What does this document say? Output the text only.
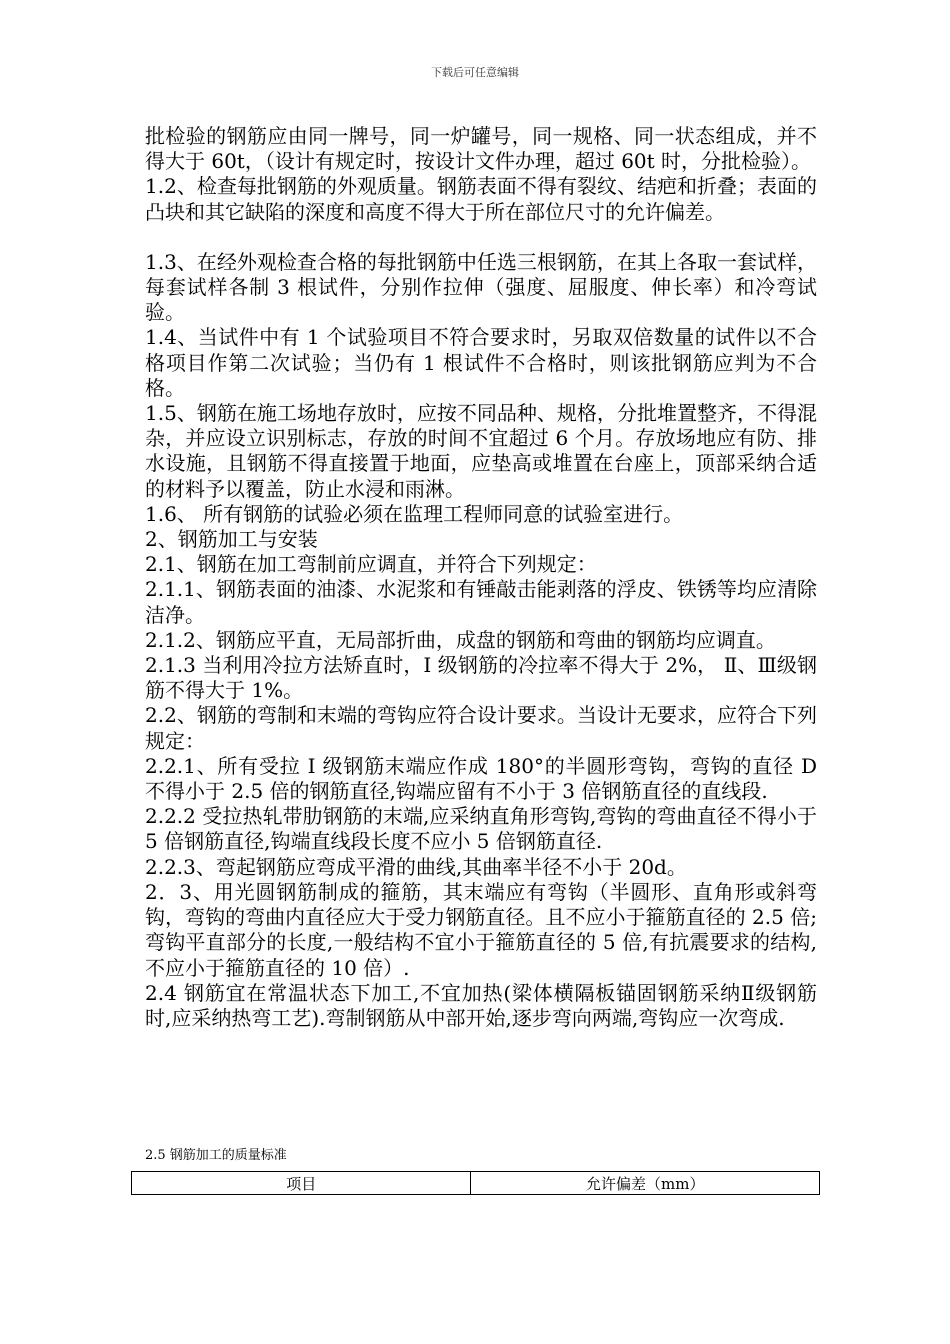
下载后可任意编辑

批检验的钢筋应由同一牌号，同一炉罐号，同一规格、同一状态组成，并不得大于 60t，（设计有规定时，按设计文件办理，超过 60t 时，分批检验）。

1.2、检查每批钢筋的外观质量。钢筋表面不得有裂纹、结疤和折叠；表面的凸块和其它缺陷的深度和高度不得大于所在部位尺寸的允许偏差。

1.3、在经外观检查合格的每批钢筋中任选三根钢筋，在其上各取一套试样，每套试样各制 3 根试件，分别作拉伸（强度、屈服度、伸长率）和冷弯试验。

1.4、当试件中有 1 个试验项目不符合要求时，另取双倍数量的试件以不合格项目作第二次试验；当仍有 1 根试件不合格时，则该批钢筋应判为不合格。

1.5、钢筋在施工场地存放时，应按不同品种、规格，分批堆置整齐，不得混杂，并应设立识别标志，存放的时间不宜超过 6 个月。存放场地应有防、排水设施，且钢筋不得直接置于地面，应垫高或堆置在台座上，顶部采纳合适的材料予以覆盖，防止水浸和雨淋。

1.6、 所有钢筋的试验必须在监理工程师同意的试验室进行。

2、钢筋加工与安装

2.1、钢筋在加工弯制前应调直，并符合下列规定：

2.1.1、钢筋表面的油漆、水泥浆和有锤敲击能剥落的浮皮、铁锈等均应清除洁净。

2.1.2、钢筋应平直，无局部折曲，成盘的钢筋和弯曲的钢筋均应调直。

2.1.3 当利用冷拉方法矫直时，I 级钢筋的冷拉率不得大于 2%， Ⅱ、Ⅲ级钢筋不得大于 1%。

2.2、钢筋的弯制和末端的弯钩应符合设计要求。当设计无要求，应符合下列规定：

2.2.1、所有受拉 I 级钢筋末端应作成 180°的半圆形弯钩，弯钩的直径 D 不得小于 2.5 倍的钢筋直径,钩端应留有不小于 3 倍钢筋直径的直线段.

2.2.2 受拉热轧带肋钢筋的末端,应采纳直角形弯钩,弯钩的弯曲直径不得小于 5 倍钢筋直径,钩端直线段长度不应小 5 倍钢筋直径.

2.2.3、弯起钢筋应弯成平滑的曲线,其曲率半径不小于 20d。

2．3、用光圆钢筋制成的箍筋，其末端应有弯钩（半圆形、直角形或斜弯钩，弯钩的弯曲内直径应大于受力钢筋直径。且不应小于箍筋直径的 2.5 倍;弯钩平直部分的长度,一般结构不宜小于箍筋直径的 5 倍,有抗震要求的结构,不应小于箍筋直径的 10 倍）.

2.4 钢筋宜在常温状态下加工,不宜加热(梁体横隔板锚固钢筋采纳Ⅱ级钢筋时,应采纳热弯工艺).弯制钢筋从中部开始,逐步弯向两端,弯钩应一次弯成.

2.5 钢筋加工的质量标准
项目	允许偏差（mm）
